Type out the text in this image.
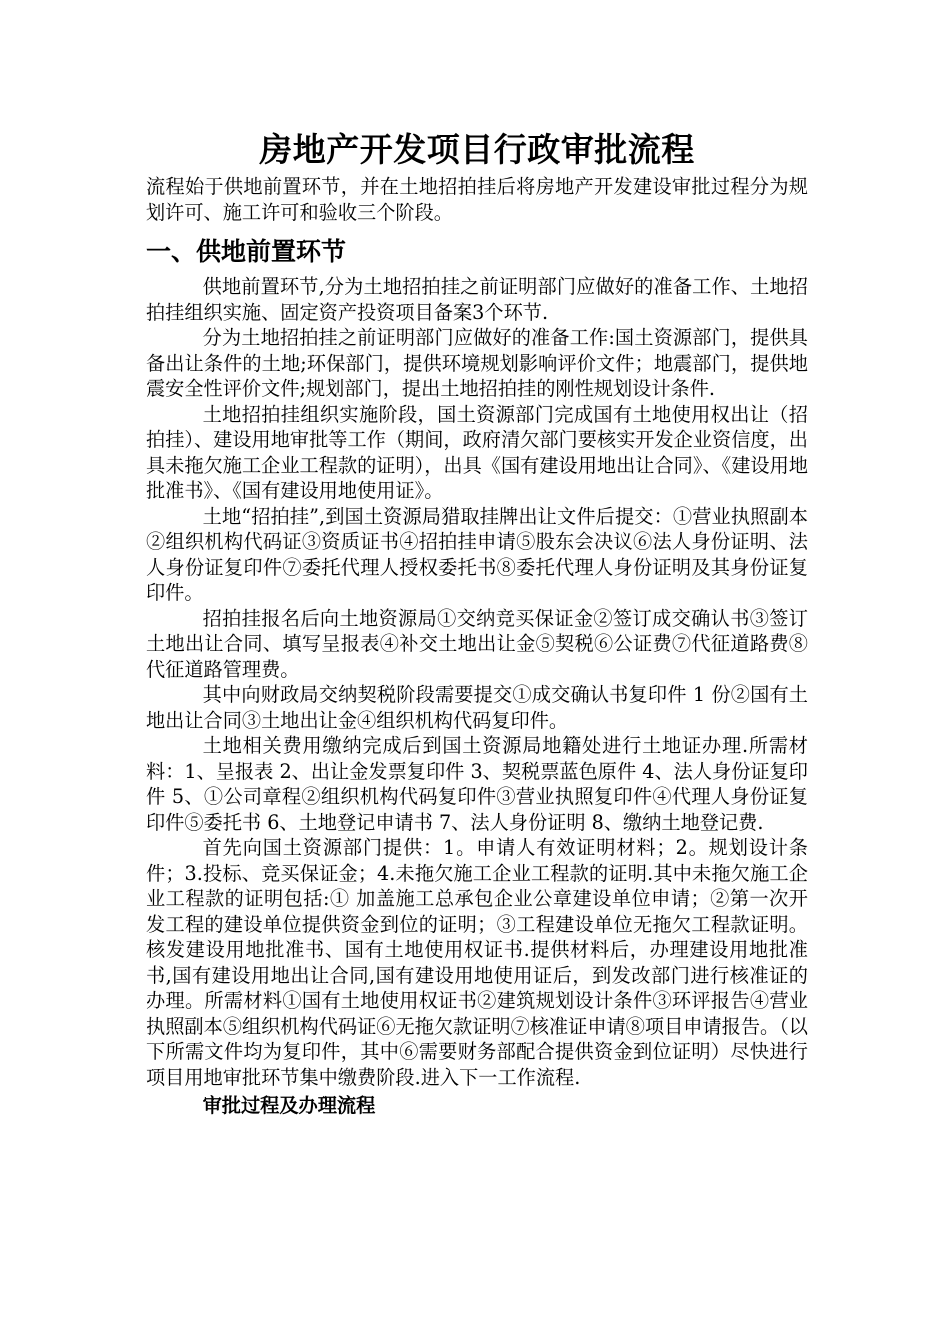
房地产开发项目行政审批流程

流程始于供地前置环节，并在土地招拍挂后将房地产开发建设审批过程分为规划许可、施工许可和验收三个阶段。

一、供地前置环节

供地前置环节,分为土地招拍挂之前证明部门应做好的准备工作、土地招拍挂组织实施、固定资产投资项目备案3个环节.

分为土地招拍挂之前证明部门应做好的准备工作:国土资源部门，提供具备出让条件的土地;环保部门，提供环境规划影响评价文件；地震部门，提供地震安全性评价文件;规划部门，提出土地招拍挂的刚性规划设计条件.

土地招拍挂组织实施阶段，国土资源部门完成国有土地使用权出让（招拍挂）、建设用地审批等工作（期间，政府清欠部门要核实开发企业资信度，出具未拖欠施工企业工程款的证明），出具《国有建设用地出让合同》、《建设用地批准书》、《国有建设用地使用证》。

土地“招拍挂”,到国土资源局猎取挂牌出让文件后提交：①营业执照副本②组织机构代码证③资质证书④招拍挂申请⑤股东会决议⑥法人身份证明、法人身份证复印件⑦委托代理人授权委托书⑧委托代理人身份证明及其身份证复印件。

招拍挂报名后向土地资源局①交纳竞买保证金②签订成交确认书③签订土地出让合同、填写呈报表④补交土地出让金⑤契税⑥公证费⑦代征道路费⑧代征道路管理费。

其中向财政局交纳契税阶段需要提交①成交确认书复印件 1 份②国有土地出让合同③土地出让金④组织机构代码复印件。

土地相关费用缴纳完成后到国土资源局地籍处进行土地证办理.所需材料：1、呈报表 2、出让金发票复印件 3、契税票蓝色原件 4、法人身份证复印件 5、①公司章程②组织机构代码复印件③营业执照复印件④代理人身份证复印件⑤委托书 6、土地登记申请书 7、法人身份证明 8、缴纳土地登记费.

首先向国土资源部门提供：1。申请人有效证明材料；2。规划设计条件；3.投标、竞买保证金；4.未拖欠施工企业工程款的证明.其中未拖欠施工企业工程款的证明包括:① 加盖施工总承包企业公章建设单位申请；②第一次开发工程的建设单位提供资金到位的证明；③工程建设单位无拖欠工程款证明。核发建设用地批准书、国有土地使用权证书.提供材料后，办理建设用地批准书,国有建设用地出让合同,国有建设用地使用证后，到发改部门进行核准证的办理。所需材料①国有土地使用权证书②建筑规划设计条件③环评报告④营业执照副本⑤组织机构代码证⑥无拖欠款证明⑦核准证申请⑧项目申请报告。（以下所需文件均为复印件，其中⑥需要财务部配合提供资金到位证明）尽快进行项目用地审批环节集中缴费阶段.进入下一工作流程.

审批过程及办理流程
